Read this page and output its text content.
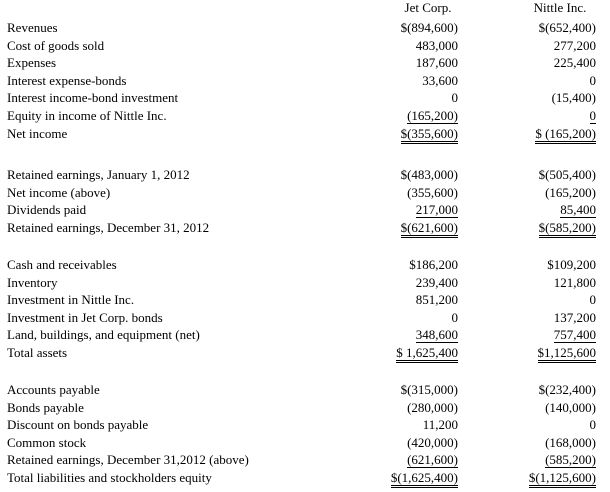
Jet Corp.	Nittle Inc.
Revenues	$(894,600)	$(652,400)
Cost of goods sold	483,000	277,200
Expenses	187,600	225,400
Interest expense-bonds	33,600	0
Interest income-bond investment	0	(15,400)
Equity in income of Nittle Inc.	(165,200)	0
Net income	$(355,600)	$ (165,200)
Retained earnings, January 1, 2012	$(483,000)	$(505,400)
Net income (above)	(355,600)	(165,200)
Dividends paid	217,000	85,400
Retained earnings, December 31, 2012	$(621,600)	$(585,200)
Cash and receivables	$186,200	$109,200
Inventory	239,400	121,800
Investment in Nittle Inc.	851,200	0
Investment in Jet Corp. bonds	0	137,200
Land, buildings, and equipment (net)	348,600	757,400
Total assets	$ 1,625,400	$1,125,600
Accounts payable	$(315,000)	$(232,400)
Bonds payable	(280,000)	(140,000)
Discount on bonds payable	11,200	0
Common stock	(420,000)	(168,000)
Retained earnings, December 31,2012 (above)	(621,600)	(585,200)
Total liabilities and stockholders equity	$(1,625,400)	$(1,125,600)
